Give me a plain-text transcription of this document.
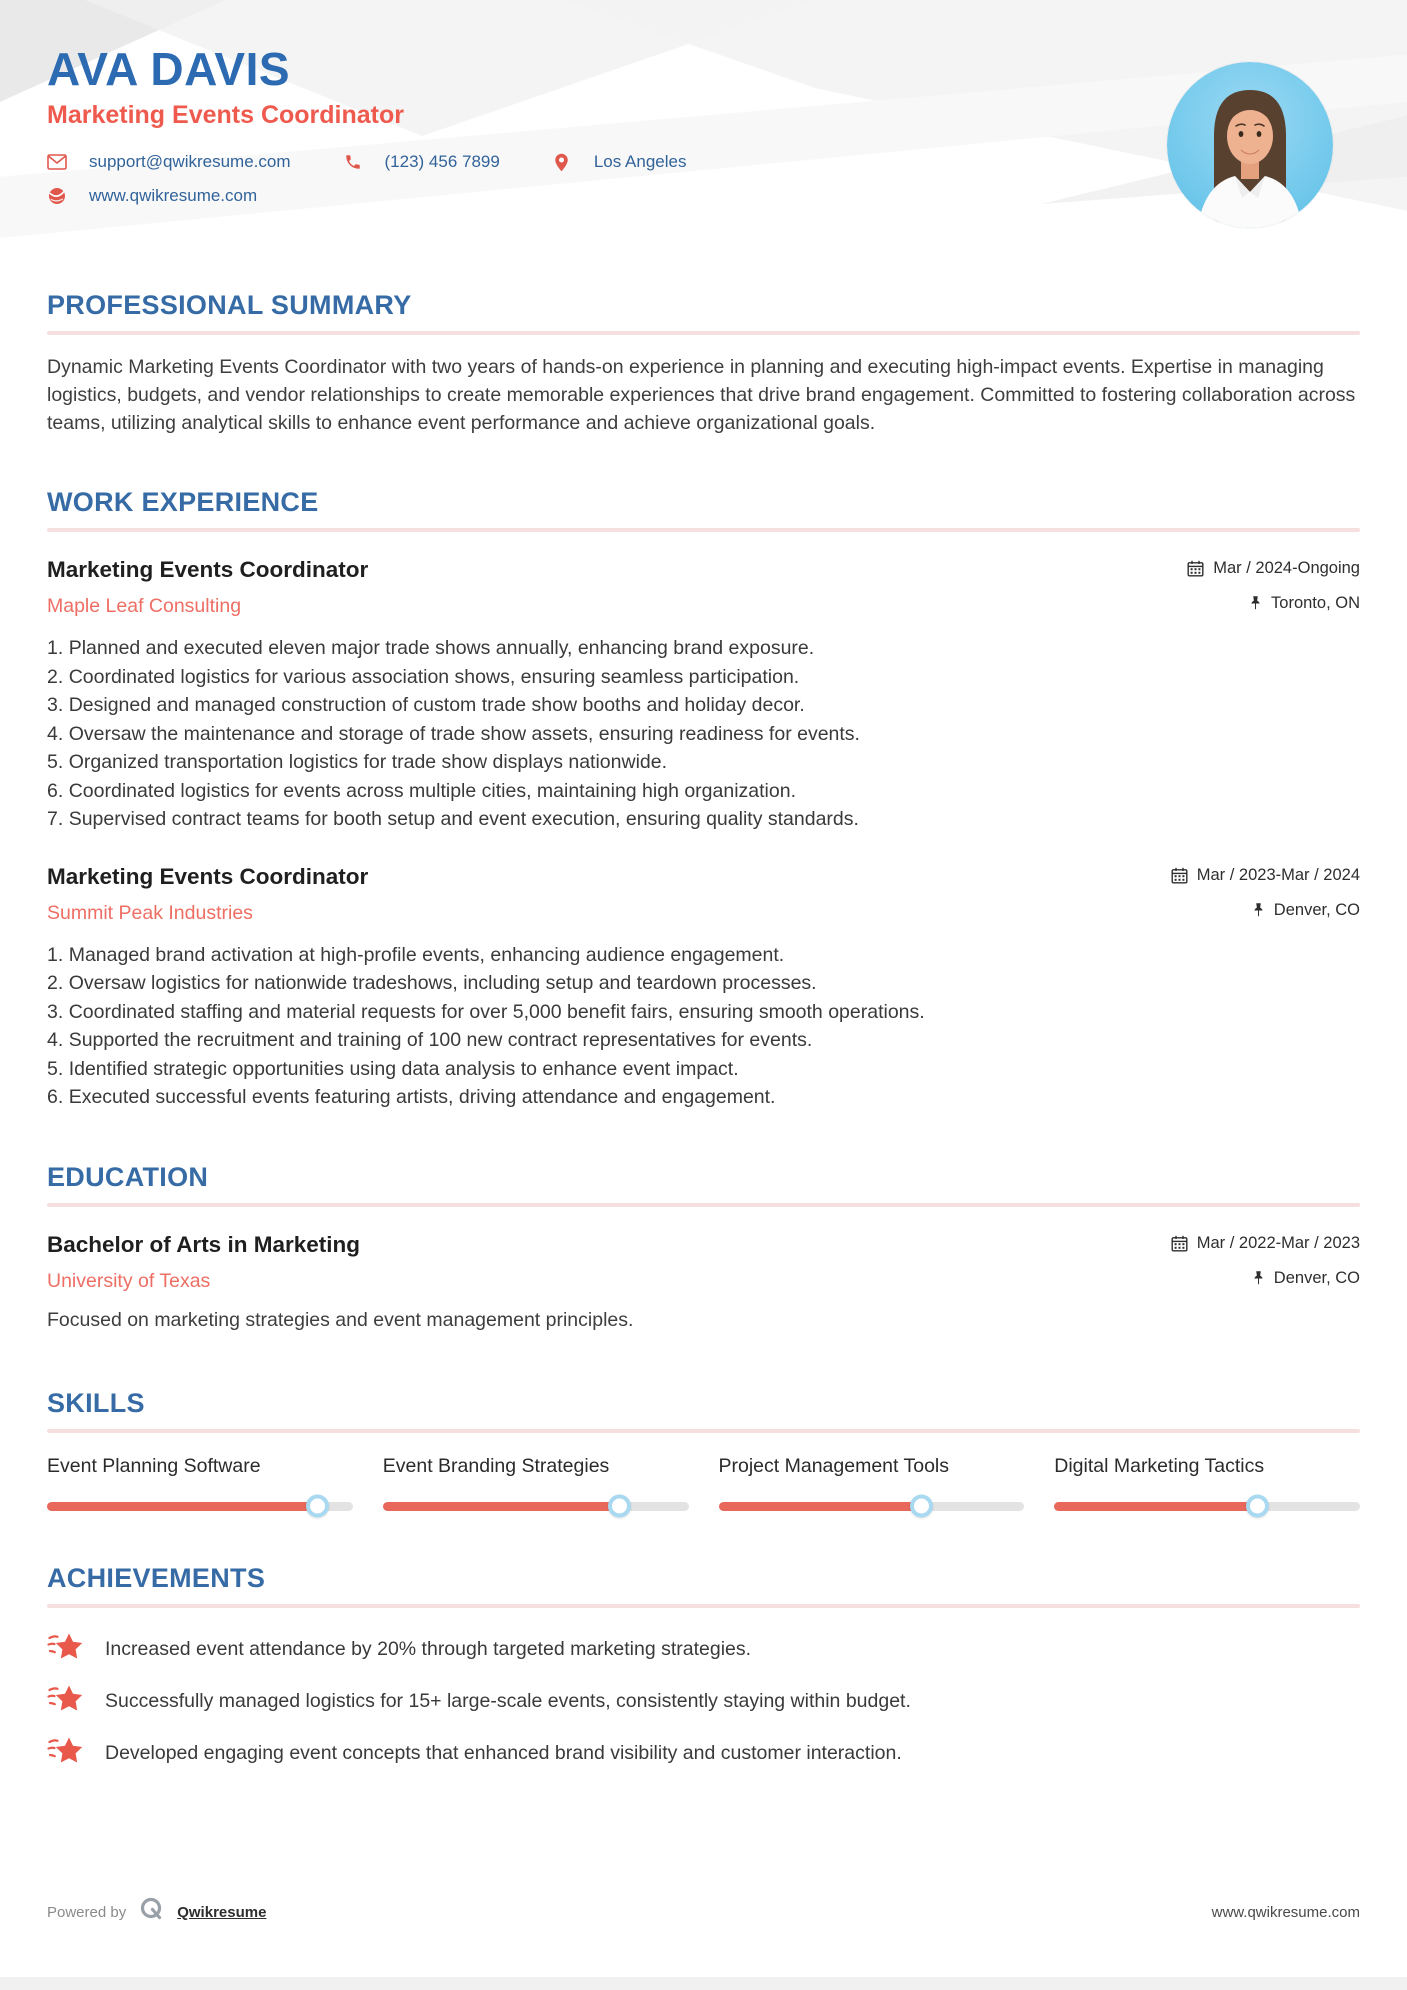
AVA DAVIS
Marketing Events Coordinator
support@qwikresume.com	(123) 456 7899	Los Angeles
www.qwikresume.com
PROFESSIONAL SUMMARY

Dynamic Marketing Events Coordinator with two years of hands-on experience in planning and executing high-impact events. Expertise in managing logistics, budgets, and vendor relationships to create memorable experiences that drive brand engagement. Committed to fostering collaboration across teams, utilizing analytical skills to enhance event performance and achieve organizational goals.

WORK EXPERIENCE
Marketing Events Coordinator	Mar / 2024-Ongoing
Maple Leaf Consulting	Toronto, ON
Planned and executed eleven major trade shows annually, enhancing brand exposure.
Coordinated logistics for various association shows, ensuring seamless participation.
Designed and managed construction of custom trade show booths and holiday decor.
Oversaw the maintenance and storage of trade show assets, ensuring readiness for events.
Organized transportation logistics for trade show displays nationwide.
Coordinated logistics for events across multiple cities, maintaining high organization.
Supervised contract teams for booth setup and event execution, ensuring quality standards.
Marketing Events Coordinator	Mar / 2023-Mar / 2024
Summit Peak Industries	Denver, CO
Managed brand activation at high-profile events, enhancing audience engagement.
Oversaw logistics for nationwide tradeshows, including setup and teardown processes.
Coordinated staffing and material requests for over 5,000 benefit fairs, ensuring smooth operations.
Supported the recruitment and training of 100 new contract representatives for events.
Identified strategic opportunities using data analysis to enhance event impact.
Executed successful events featuring artists, driving attendance and engagement.
EDUCATION
Bachelor of Arts in Marketing	Mar / 2022-Mar / 2023
University of Texas	Denver, CO
Focused on marketing strategies and event management principles.
SKILLS
Event Planning Software	Event Branding Strategies	Project Management Tools	Digital Marketing Tactics
ACHIEVEMENTS
Increased event attendance by 20% through targeted marketing strategies.
Successfully managed logistics for 15+ large-scale events, consistently staying within budget.
Developed engaging event concepts that enhanced brand visibility and customer interaction.
Powered by	Qwikresume	www.qwikresume.com
